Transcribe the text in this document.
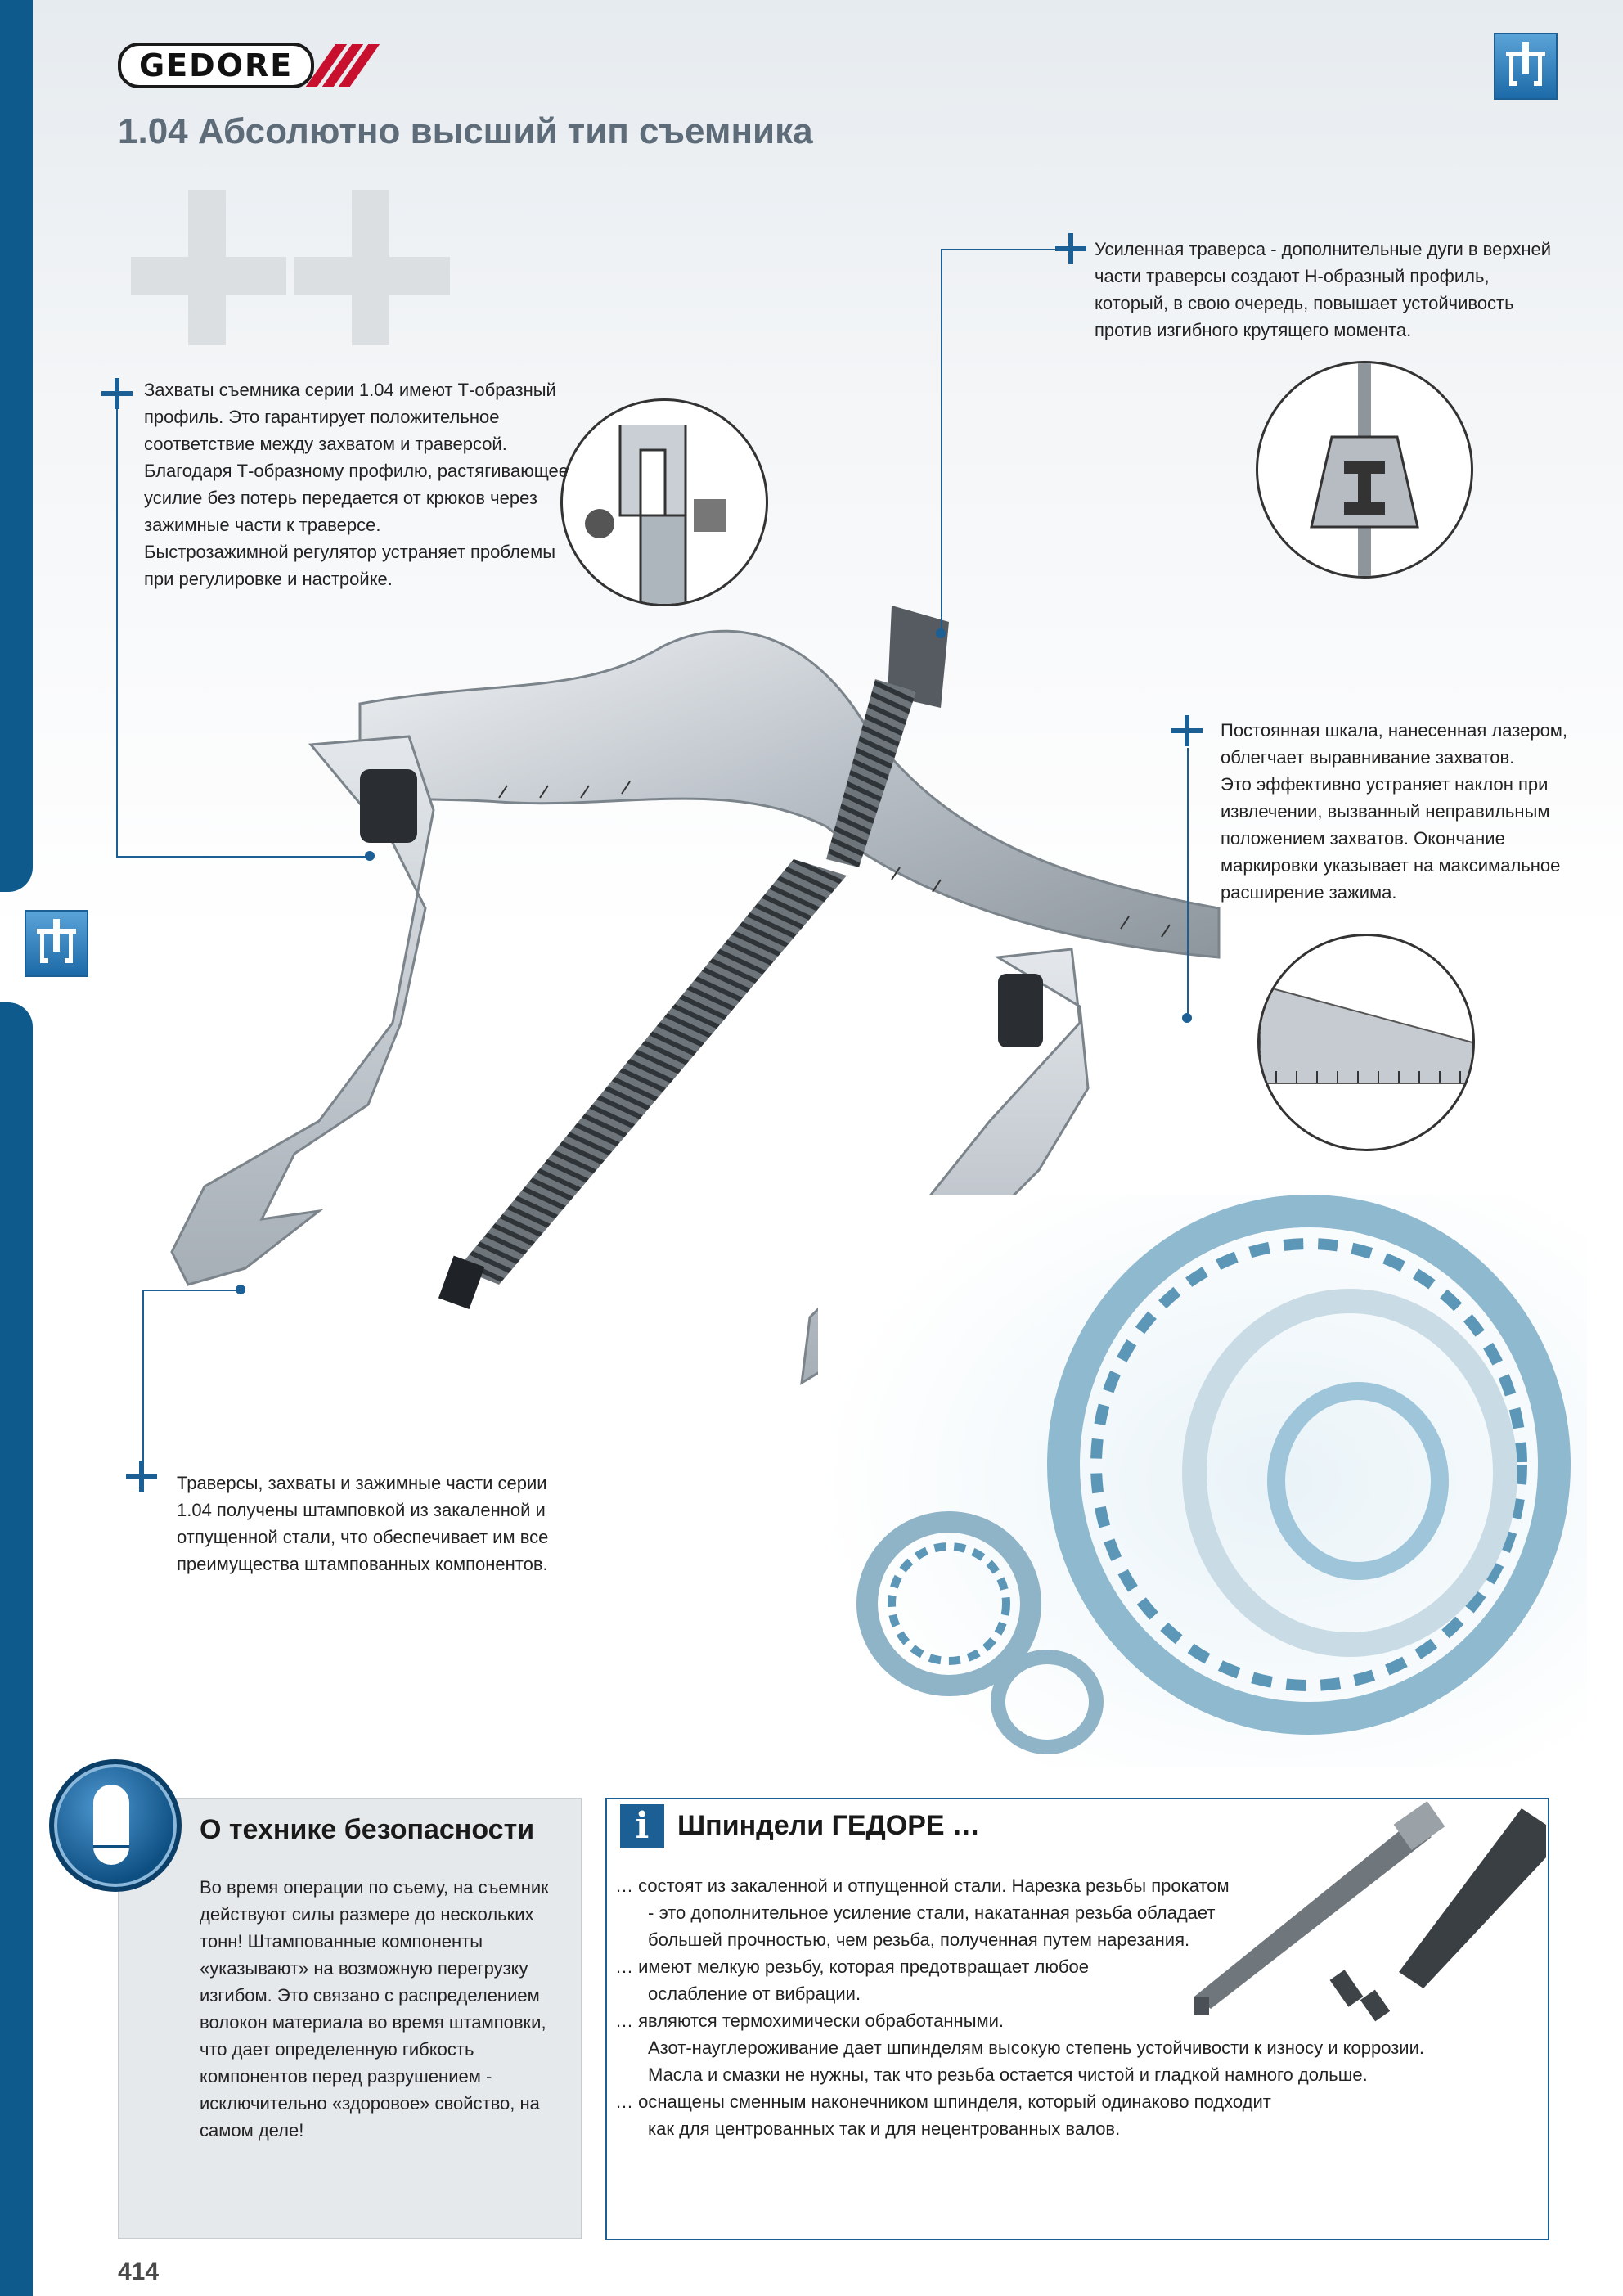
GEDORE
1.04 Абсолютно высший тип съемника
Усиленная траверса - дополнительные дуги в верхней
части траверсы создают H-образный профиль,
который, в свою очередь, повышает устойчивость
против изгибного крутящего момента.
Захваты съемника серии 1.04 имеют Т-образный
профиль. Это гарантирует положительное
соответствие между захватом и траверсой.
Благодаря Т-образному профилю, растягивающее
усилие без потерь передается от крюков через
зажимные части к траверсе.
Быстрозажимной регулятор устраняет проблемы
при регулировке и настройке.
Постоянная шкала, нанесенная лазером,
облегчает выравнивание захватов.
Это эффективно устраняет наклон при
извлечении, вызванный неправильным
положением захватов. Окончание
маркировки указывает на максимальное
расширение зажима.
Траверсы, захваты и зажимные части серии
1.04 получены штамповкой из закаленной и
отпущенной стали, что обеспечивает им все
преимущества штампованных компонентов.
О технике безопасности
Во время операции по съему, на съемник
действуют силы размере до нескольких
тонн! Штампованные компоненты
«указывают» на возможную перегрузку
изгибом. Это связано с распределением
волокон материала во время штамповки,
что дает определенную гибкость
компонентов перед разрушением -
исключительно «здоровое» свойство, на
самом деле!
i	Шпиндели ГЕДОРЕ …
… состоят из закаленной и отпущенной стали. Нарезка резьбы прокатом
- это дополнительное усиление стали, накатанная резьба обладает
большей прочностью, чем резьба, полученная путем нарезания.
… имеют мелкую резьбу, которая предотвращает любое
ослабление от вибрации.
… являются термохимически обработанными.
Азот-науглероживание дает шпинделям высокую степень устойчивости к износу и коррозии.
Масла и смазки не нужны, так что резьба остается чистой и гладкой намного дольше.
… оснащены сменным наконечником шпинделя, который одинаково подходит
как для центрованных так и для нецентрованных валов.
414
